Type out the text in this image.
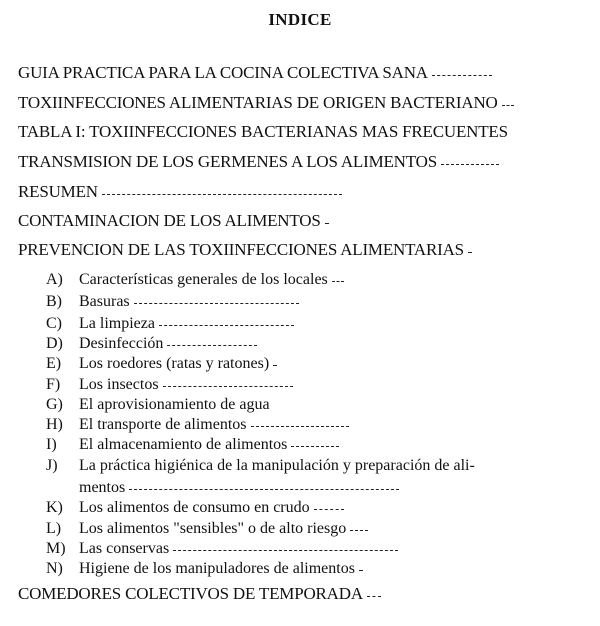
INDICE
GUIA PRACTICA PARA LA COCINA COLECTIVA SANA
TOXIINFECCIONES ALIMENTARIAS DE ORIGEN BACTERIANO
TABLA I: TOXIINFECCIONES BACTERIANAS MAS FRECUENTES
TRANSMISION DE LOS GERMENES A LOS ALIMENTOS
RESUMEN
CONTAMINACION DE LOS ALIMENTOS
PREVENCION DE LAS TOXIINFECCIONES ALIMENTARIAS
A)	Características generales de los locales
B)	Basuras
C)	La limpieza
D)	Desinfección
E)	Los roedores (ratas y ratones)
F)	Los insectos
G)	El aprovisionamiento de agua
H)	El transporte de alimentos
I)	El almacenamiento de alimentos
J)	La práctica higiénica de la manipulación y preparación de ali-
mentos
K)	Los alimentos de consumo en crudo
L)	Los alimentos "sensibles" o de alto riesgo
M) Las conservas
N)	Higiene de los manipuladores de alimentos
COMEDORES COLECTIVOS DE TEMPORADA
